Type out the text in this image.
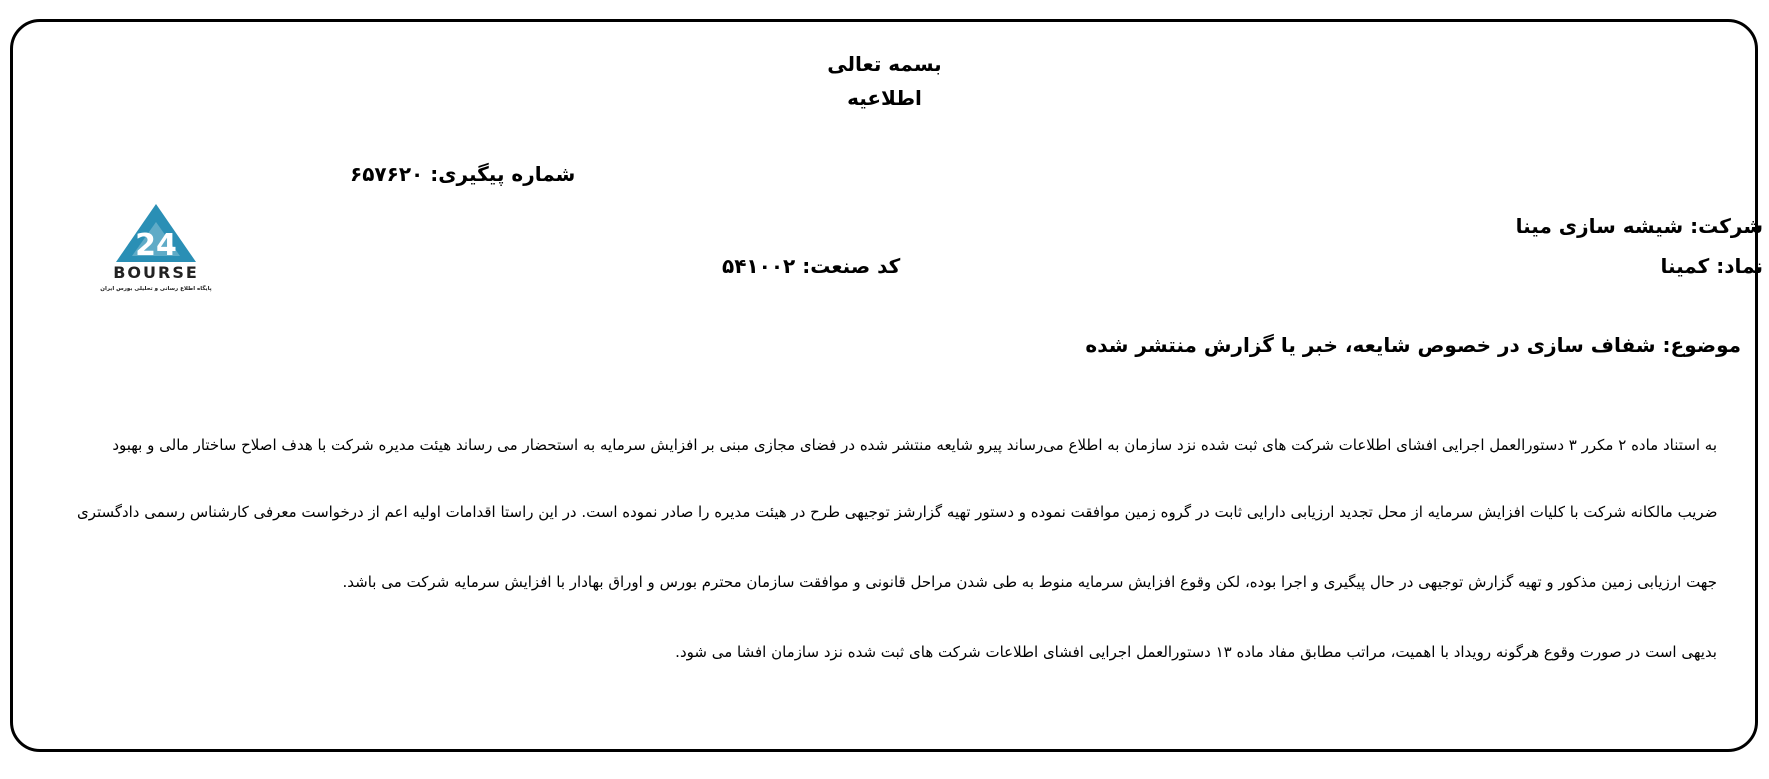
بسمه تعالی
اطلاعیه
شماره پیگیری: ۶۵۷۶۲۰
24
BOURSE
پایگاه اطلاع رسانی و تحلیلی بورس ایران
شرکت: شیشه سازی مینا
نماد: کمینا
کد صنعت: ۵۴۱۰۰۲
موضوع: شفاف سازی در خصوص شایعه، خبر یا گزارش منتشر شده
به استناد ماده ۲ مکرر ۳ دستورالعمل اجرایی افشای اطلاعات شرکت های ثبت شده نزد سازمان به اطلاع می‌رساند پیرو شایعه منتشر شده در فضای مجازی مبنی بر افزایش سرمایه به استحضار می رساند هیئت مدیره شرکت با هدف اصلاح ساختار مالی و بهبود
ضریب مالکانه شرکت با کلیات افزایش سرمایه از محل تجدید ارزیابی دارایی ثابت در گروه زمین موافقت نموده و دستور تهیه گزارشز توجیهی طرح در هیئت مدیره را صادر نموده است. در این راستا اقدامات اولیه اعم از درخواست معرفی کارشناس رسمی دادگستری
جهت ارزیابی زمین مذکور و تهیه گزارش توجیهی در حال پیگیری و اجرا بوده، لکن وقوع افزایش سرمایه منوط به طی شدن مراحل قانونی و موافقت سازمان محترم بورس و اوراق بهادار با افزایش سرمایه شرکت می باشد.
بدیهی است در صورت وقوع هرگونه رویداد با اهمیت، مراتب مطابق مفاد ماده ۱۳ دستورالعمل اجرایی افشای اطلاعات شرکت های ثبت شده نزد سازمان افشا می شود.
